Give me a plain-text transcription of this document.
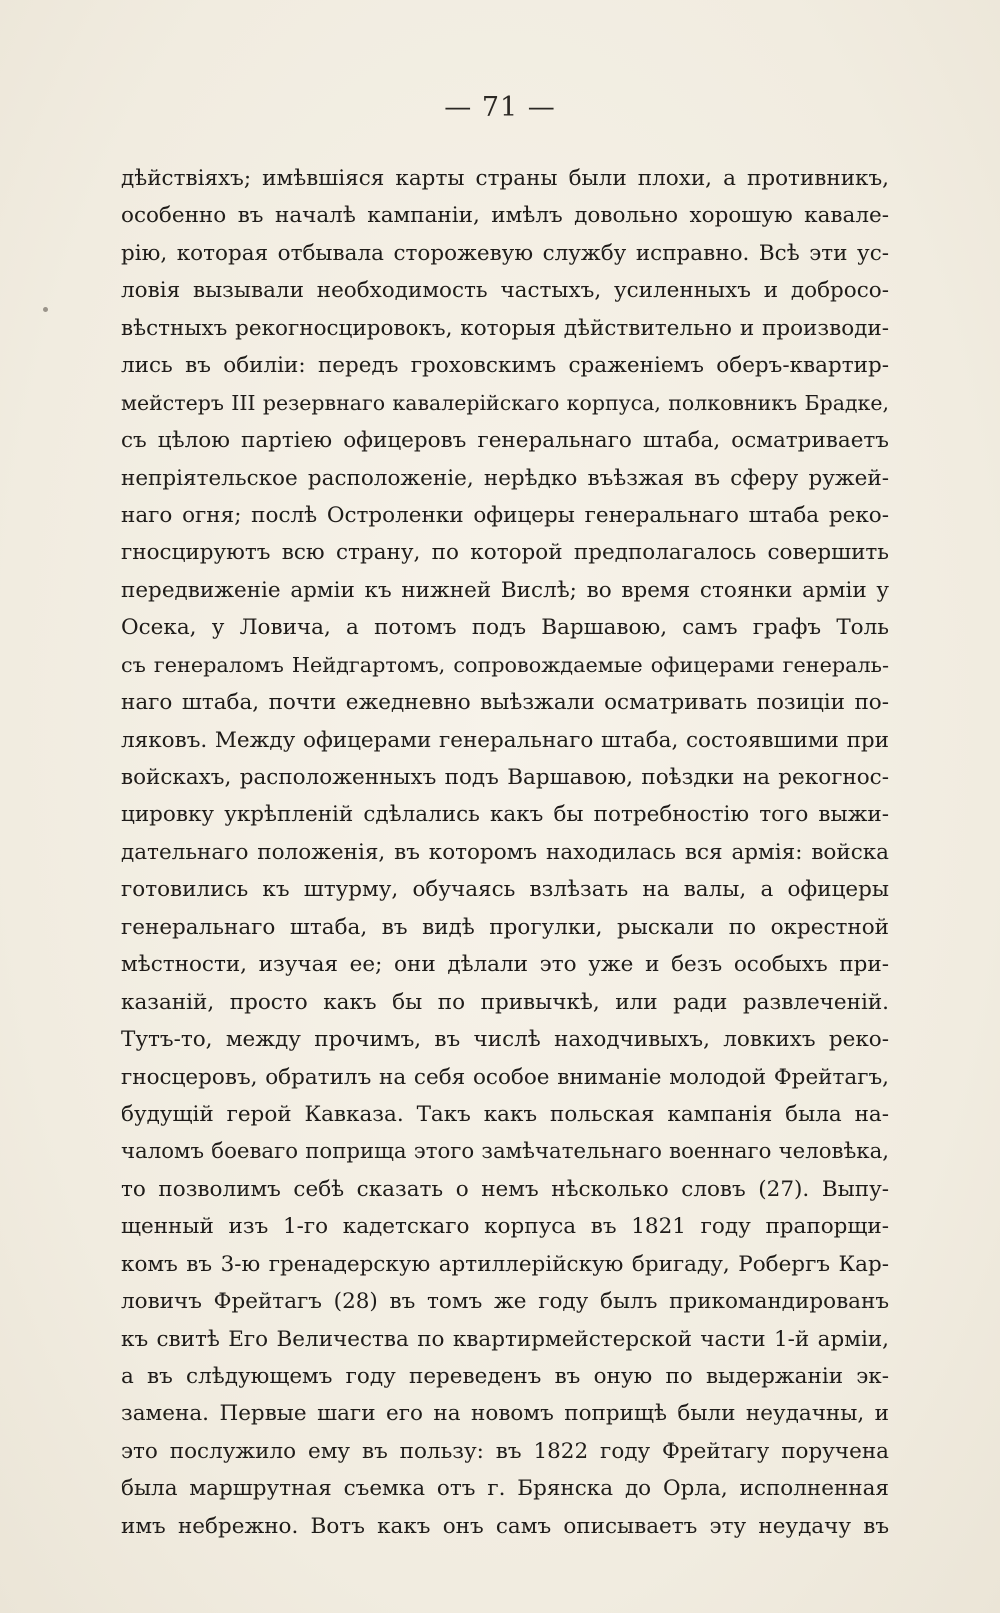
— 71 —
дѣйствіяхъ; имѣвшіяся карты страны были плохи, а противникъ,
особенно въ началѣ кампаніи, имѣлъ довольно хорошую кавале-
рію, которая отбывала сторожевую службу исправно. Всѣ эти ус-
ловія вызывали необходимость частыхъ, усиленныхъ и добросо-
вѣстныхъ рекогносцировокъ, которыя дѣйствительно и производи-
лись въ обиліи: передъ гроховскимъ сраженіемъ оберъ-квартир-
мейстеръ III резервнаго кавалерійскаго корпуса, полковникъ Брадке,
съ цѣлою партіею офицеровъ генеральнаго штаба, осматриваетъ
непріятельское расположеніе, нерѣдко въѣзжая въ сферу ружей-
наго огня; послѣ Остроленки офицеры генеральнаго штаба реко-
гносцируютъ всю страну, по которой предполагалось совершить
передвиженіе арміи къ нижней Вислѣ; во время стоянки арміи у
Осека, у Ловича, а потомъ подъ Варшавою, самъ графъ Толь
съ генераломъ Нейдгартомъ, сопровождаемые офицерами генераль-
наго штаба, почти ежедневно выѣзжали осматривать позиціи по-
ляковъ. Между офицерами генеральнаго штаба, состоявшими при
войскахъ, расположенныхъ подъ Варшавою, поѣздки на рекогнос-
цировку укрѣпленій сдѣлались какъ бы потребностію того выжи-
дательнаго положенія, въ которомъ находилась вся армія: войска
готовились къ штурму, обучаясь взлѣзать на валы, а офицеры
генеральнаго штаба, въ видѣ прогулки, рыскали по окрестной
мѣстности, изучая ее; они дѣлали это уже и безъ особыхъ при-
казаній, просто какъ бы по привычкѣ, или ради развлеченій.
Тутъ-то, между прочимъ, въ числѣ находчивыхъ, ловкихъ реко-
гносцеровъ, обратилъ на себя особое вниманіе молодой Фрейтагъ,
будущій герой Кавказа. Такъ какъ польская кампанія была на-
чаломъ боеваго поприща этого замѣчательнаго военнаго человѣка,
то позволимъ себѣ сказать о немъ нѣсколько словъ (27). Выпу-
щенный изъ 1-го кадетскаго корпуса въ 1821 году прапорщи-
комъ въ 3-ю гренадерскую артиллерійскую бригаду, Робергъ Кар-
ловичъ Фрейтагъ (28) въ томъ же году былъ прикомандированъ
къ свитѣ Его Величества по квартирмейстерской части 1-й арміи,
а въ слѣдующемъ году переведенъ въ оную по выдержаніи эк-
замена. Первые шаги его на новомъ поприщѣ были неудачны, и
это послужило ему въ пользу: въ 1822 году Фрейтагу поручена
была маршрутная съемка отъ г. Брянска до Орла, исполненная
имъ небрежно. Вотъ какъ онъ самъ описываетъ эту неудачу въ
